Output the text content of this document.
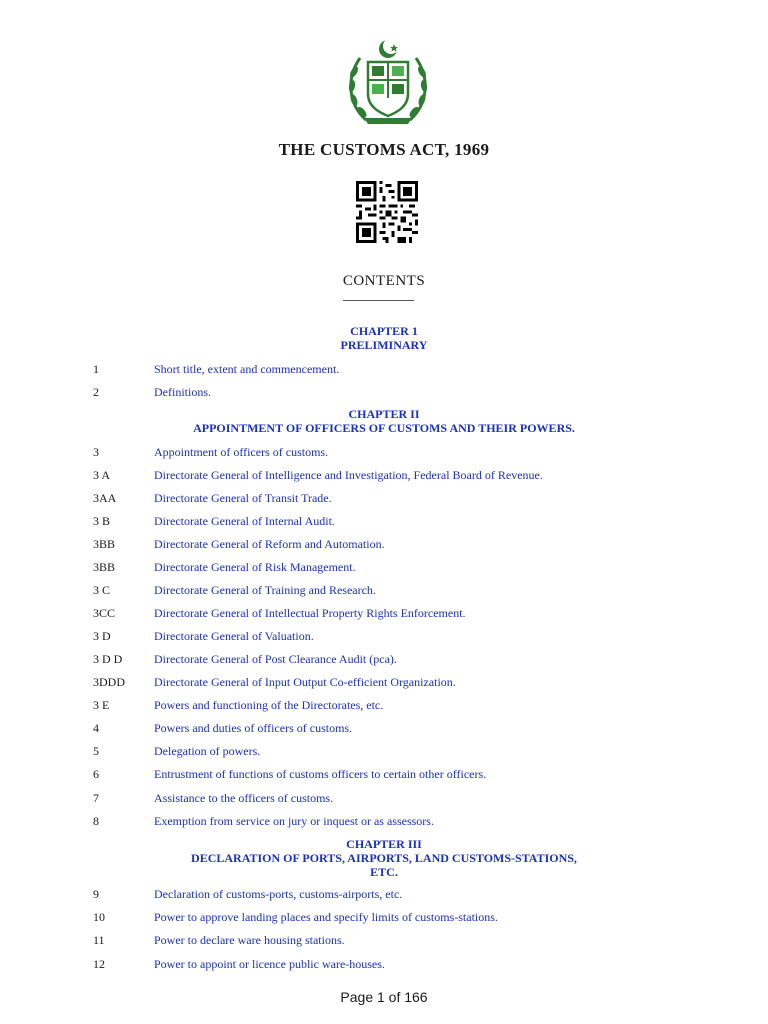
THE CUSTOMS ACT, 1969
CONTENTS
CHAPTER 1
PRELIMINARY
1	Short title, extent and commencement.
2	Definitions.
CHAPTER II
APPOINTMENT OF OFFICERS OF CUSTOMS AND THEIR POWERS.
3	Appointment of officers of customs.
3 A	Directorate General of Intelligence and Investigation, Federal Board of Revenue.
3AA	Directorate General of Transit Trade.
3 B	Directorate General of Internal Audit.
3BB	Directorate General of Reform and Automation.
3BB	Directorate General of Risk Management.
3 C	Directorate General of Training and Research.
3CC	Directorate General of Intellectual Property Rights Enforcement.
3 D	Directorate General of Valuation.
3 D D	Directorate General of Post Clearance Audit (pca).
3DDD Directorate General of Input Output Co-efficient Organization.
3 E	Powers and functioning of the Directorates, etc.
4	Powers and duties of officers of customs.
5	Delegation of powers.
6	Entrustment of functions of customs officers to certain other officers.
7	Assistance to the officers of customs.
8	Exemption from service on jury or inquest or as assessors.
CHAPTER III
DECLARATION OF PORTS, AIRPORTS, LAND CUSTOMS-STATIONS,
ETC.
9	Declaration of customs-ports, customs-airports, etc.
10	Power to approve landing places and specify limits of customs-stations.
11	Power to declare ware housing stations.
12	Power to appoint or licence public ware-houses.
Page 1 of 166
